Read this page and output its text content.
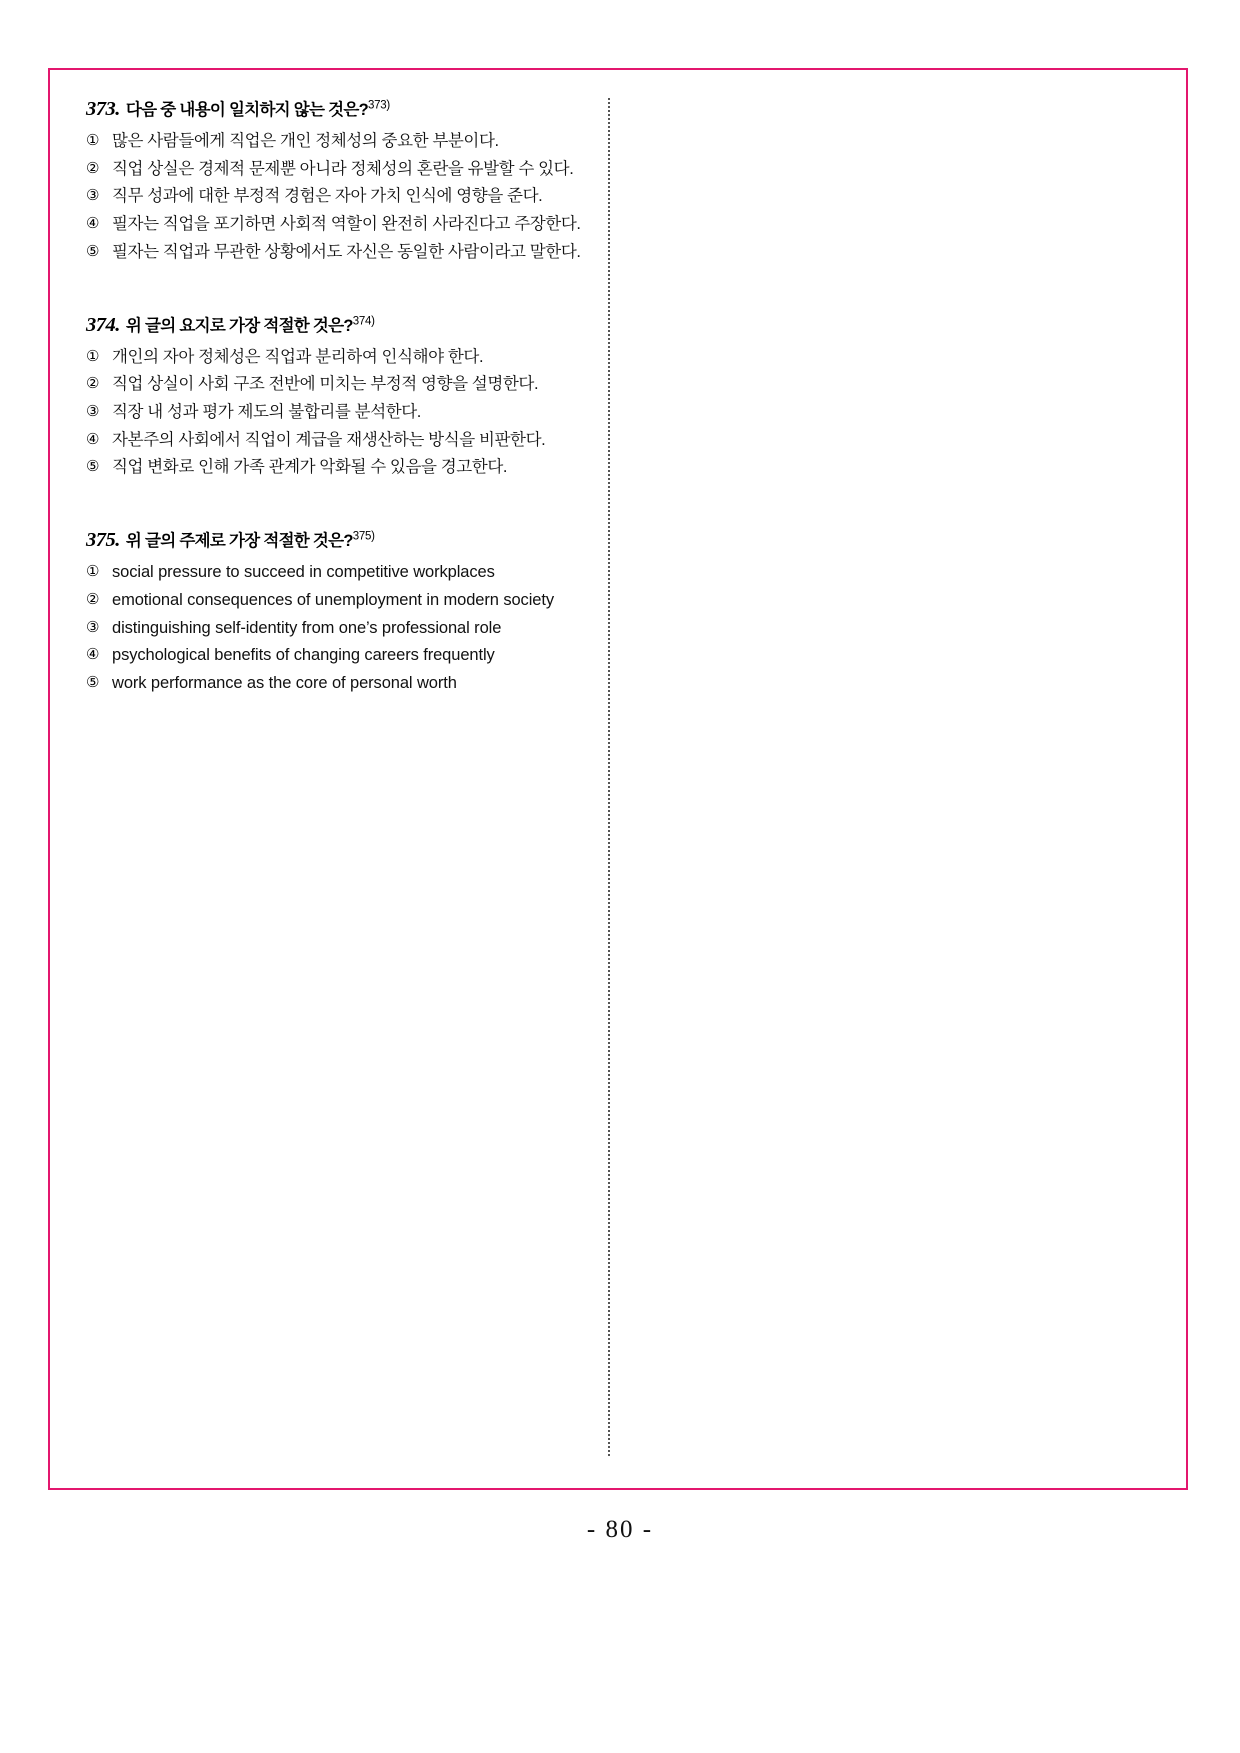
373 . 다음 중 내용이 일치하지 않는 것은?$^{373)}$
① 많은 사람들에게 직업은 개인 정체성의 중요한 부분이다.
② 직업 상실은 경제적 문제뿐 아니라 정체성의 혼란을 유발할 수 있다.
③ 직무 성과에 대한 부정적 경험은 자아 가치 인식에 영향을 준다.
④ 필자는 직업을 포기하면 사회적 역할이 완전히 사라진다고 주장한다.
⑤ 필자는 직업과 무관한 상황에서도 자신은 동일한 사람이라고 말한다.
374 . 위 글의 요지로 가장 적절한 것은?$^{374)}$
① 개인의 자아 정체성은 직업과 분리하여 인식해야 한다.
② 직업 상실이 사회 구조 전반에 미치는 부정적 영향을 설명한다.
③ 직장 내 성과 평가 제도의 불합리를 분석한다.
④ 자본주의 사회에서 직업이 계급을 재생산하는 방식을 비판한다.
⑤ 직업 변화로 인해 가족 관계가 악화될 수 있음을 경고한다.
375 . 위 글의 주제로 가장 적절한 것은?$^{375)}$
① social pressure to succeed in competitive workplaces
② emotional consequences of unemployment in modern society
③ distinguishing self-identity from one’s professional role
④ psychological benefits of changing careers frequently
⑤ work performance as the core of personal worth
- 80 -
